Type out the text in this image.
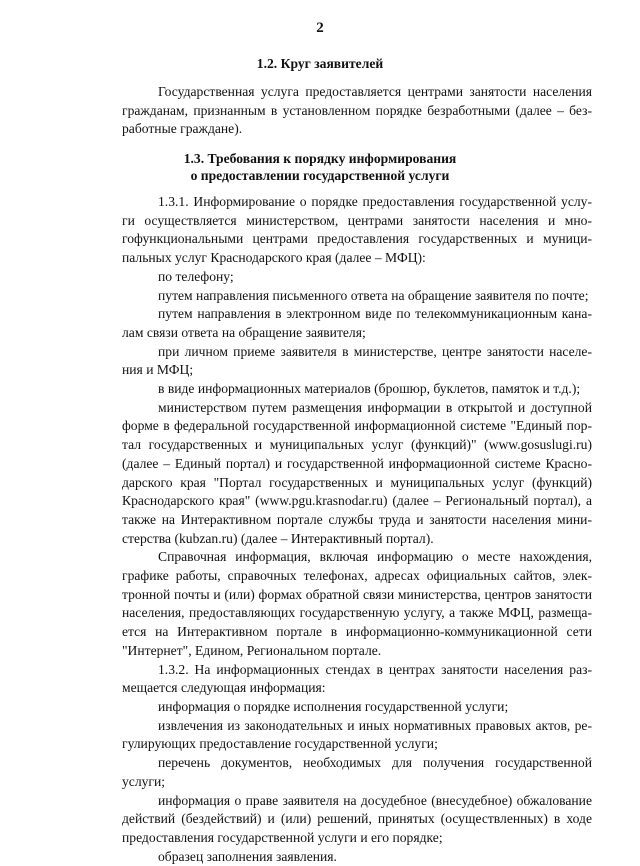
2
1.2. Круг заявителей
Государственная услуга предоставляется центрами занятости населения
гражданам, признанным в установленном порядке безработными (далее – без-
работные граждане).
1.3. Требования к порядку информирования
о предоставлении государственной услуги
1.3.1. Информирование о порядке предоставления государственной услу-
ги осуществляется министерством, центрами занятости населения и мно-
гофункциональными центрами предоставления государственных и муници-
пальных услуг Краснодарского края (далее – МФЦ):
по телефону;
путем направления письменного ответа на обращение заявителя по почте;
путем направления в электронном виде по телекоммуникационным кана-
лам связи ответа на обращение заявителя;
при личном приеме заявителя в министерстве, центре занятости населе-
ния и МФЦ;
в виде информационных материалов (брошюр, буклетов, памяток и т.д.);
министерством путем размещения информации в открытой и доступной
форме в федеральной государственной информационной системе "Единый пор-
тал государственных и муниципальных услуг (функций)" (www.gosuslugi.ru)
(далее – Единый портал) и государственной информационной системе Красно-
дарского края "Портал государственных и муниципальных услуг (функций)
Краснодарского края" (www.pgu.krasnodar.ru) (далее – Региональный портал), а
также на Интерактивном портале службы труда и занятости населения мини-
стерства (kubzan.ru) (далее – Интерактивный портал).
Справочная информация, включая информацию о месте нахождения,
графике работы, справочных телефонах, адресах официальных сайтов, элек-
тронной почты и (или) формах обратной связи министерства, центров занятости
населения, предоставляющих государственную услугу, а также МФЦ, размеща-
ется на Интерактивном портале в информационно-коммуникационной сети
"Интернет", Едином, Региональном портале.
1.3.2. На информационных стендах в центрах занятости населения раз-
мещается следующая информация:
информация о порядке исполнения государственной услуги;
извлечения из законодательных и иных нормативных правовых актов, ре-
гулирующих предоставление государственной услуги;
перечень документов, необходимых для получения государственной
услуги;
информация о праве заявителя на досудебное (внесудебное) обжалование
действий (бездействий) и (или) решений, принятых (осуществленных) в ходе
предоставления государственной услуги и его порядке;
образец заполнения заявления.
